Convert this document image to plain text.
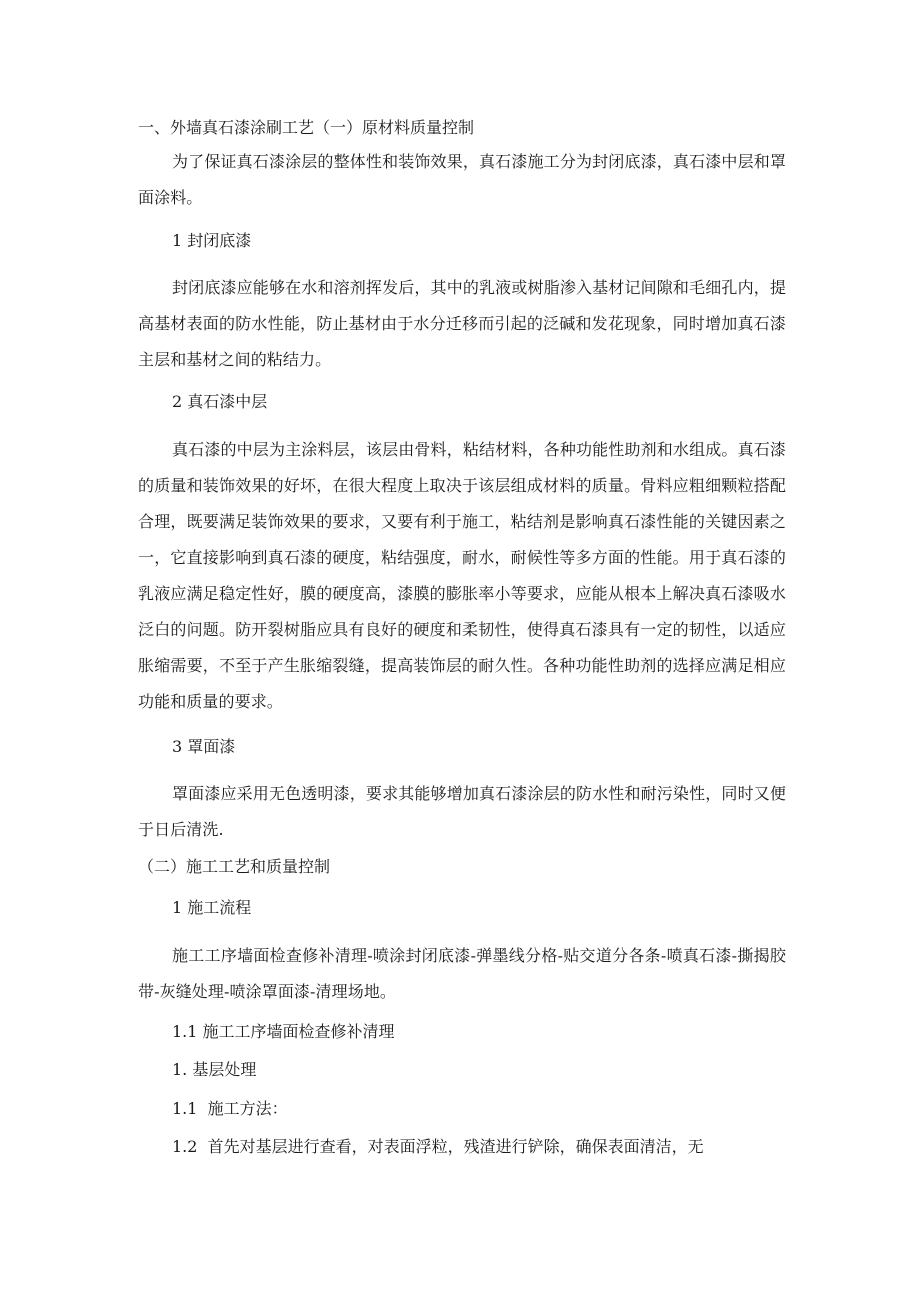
一、外墙真石漆涂刷工艺（一）原材料质量控制

为了保证真石漆涂层的整体性和装饰效果，真石漆施工分为封闭底漆，真石漆中层和罩面涂料。

1 封闭底漆

封闭底漆应能够在水和溶剂挥发后，其中的乳液或树脂渗入基材记间隙和毛细孔内，提高基材表面的防水性能，防止基材由于水分迁移而引起的泛碱和发花现象，同时增加真石漆主层和基材之间的粘结力。

2 真石漆中层

真石漆的中层为主涂料层，该层由骨料，粘结材料，各种功能性助剂和水组成。真石漆的质量和装饰效果的好坏，在很大程度上取决于该层组成材料的质量。骨料应粗细颗粒搭配合理，既要满足装饰效果的要求，又要有利于施工，粘结剂是影响真石漆性能的关键因素之一，它直接影响到真石漆的硬度，粘结强度，耐水，耐候性等多方面的性能。用于真石漆的乳液应满足稳定性好，膜的硬度高，漆膜的膨胀率小等要求，应能从根本上解决真石漆吸水泛白的问题。防开裂树脂应具有良好的硬度和柔韧性，使得真石漆具有一定的韧性，以适应胀缩需要，不至于产生胀缩裂缝，提高装饰层的耐久性。各种功能性助剂的选择应满足相应功能和质量的要求。

3 罩面漆

罩面漆应采用无色透明漆，要求其能够增加真石漆涂层的防水性和耐污染性，同时又便于日后清洗.

（二）施工工艺和质量控制

1 施工流程

施工工序墙面检查修补清理-喷涂封闭底漆-弹墨线分格-贴交道分各条-喷真石漆-撕揭胶带-灰缝处理-喷涂罩面漆-清理场地。

1.1 施工工序墙面检查修补清理

1. 基层处理

1.1  施工方法：

1.2  首先对基层进行查看，对表面浮粒，残渣进行铲除，确保表面清洁，无
